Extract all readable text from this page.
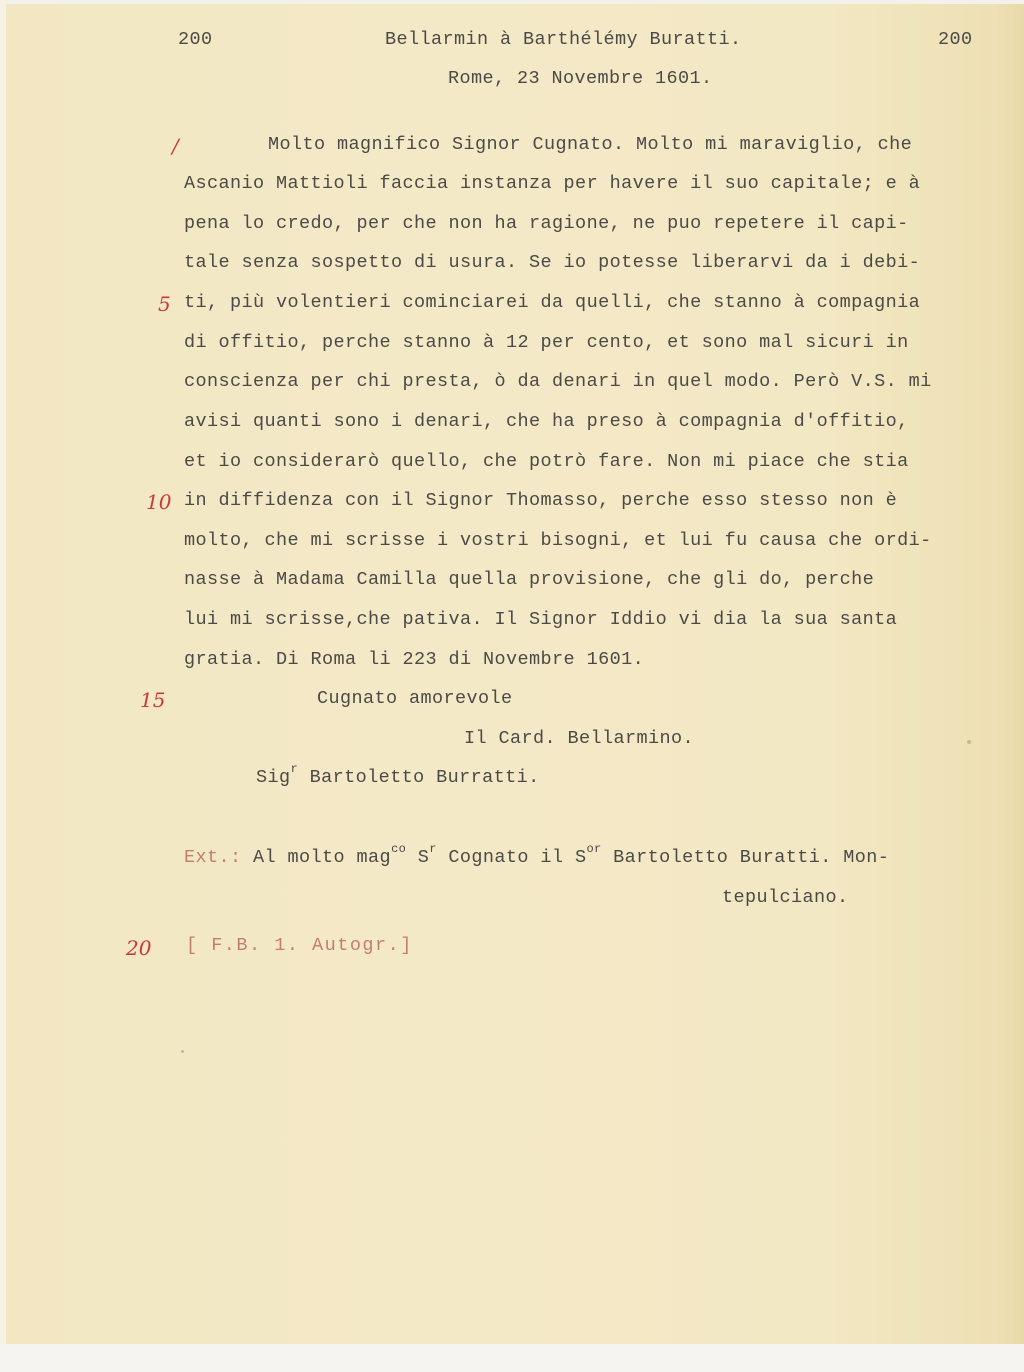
200	Bellarmin à Barthélémy Buratti.	200
Rome, 23 Novembre 1601.
/
5
10
15
20
Molto magnifico Signor Cugnato. Molto mi maraviglio, che
Ascanio Mattioli faccia instanza per havere il suo capitale; e à
pena lo credo, per che non ha ragione, ne puo repetere il capi-
tale senza sospetto di usura. Se io potesse liberarvi da i debi-
ti, più volentieri cominciarei da quelli, che stanno à compagnia
di offitio, perche stanno à 12 per cento, et sono mal sicuri in
conscienza per chi presta, ò da denari in quel modo. Però V.S. mi
avisi quanti sono i denari, che ha preso à compagnia d'offitio,
et io considerarò quello, che potrò fare. Non mi piace che stia
in diffidenza con il Signor Thomasso, perche esso stesso non è
molto, che mi scrisse i vostri bisogni, et lui fu causa che ordi-
nasse à Madama Camilla quella provisione, che gli do, perche
lui mi scrisse,che pativa. Il Signor Iddio vi dia la sua santa
gratia. Di Roma li 223 di Novembre 1601.
Cugnato amorevole
Il Card. Bellarmino.
Sig$^r$ Bartoletto Burratti.
Ext.: Al molto mag$^{co}$ $S^r$ Cognato il $S^{or}$ Bartoletto Buratti. Mon-
tepulciano.
[ F.B. 1. Autogr.]
